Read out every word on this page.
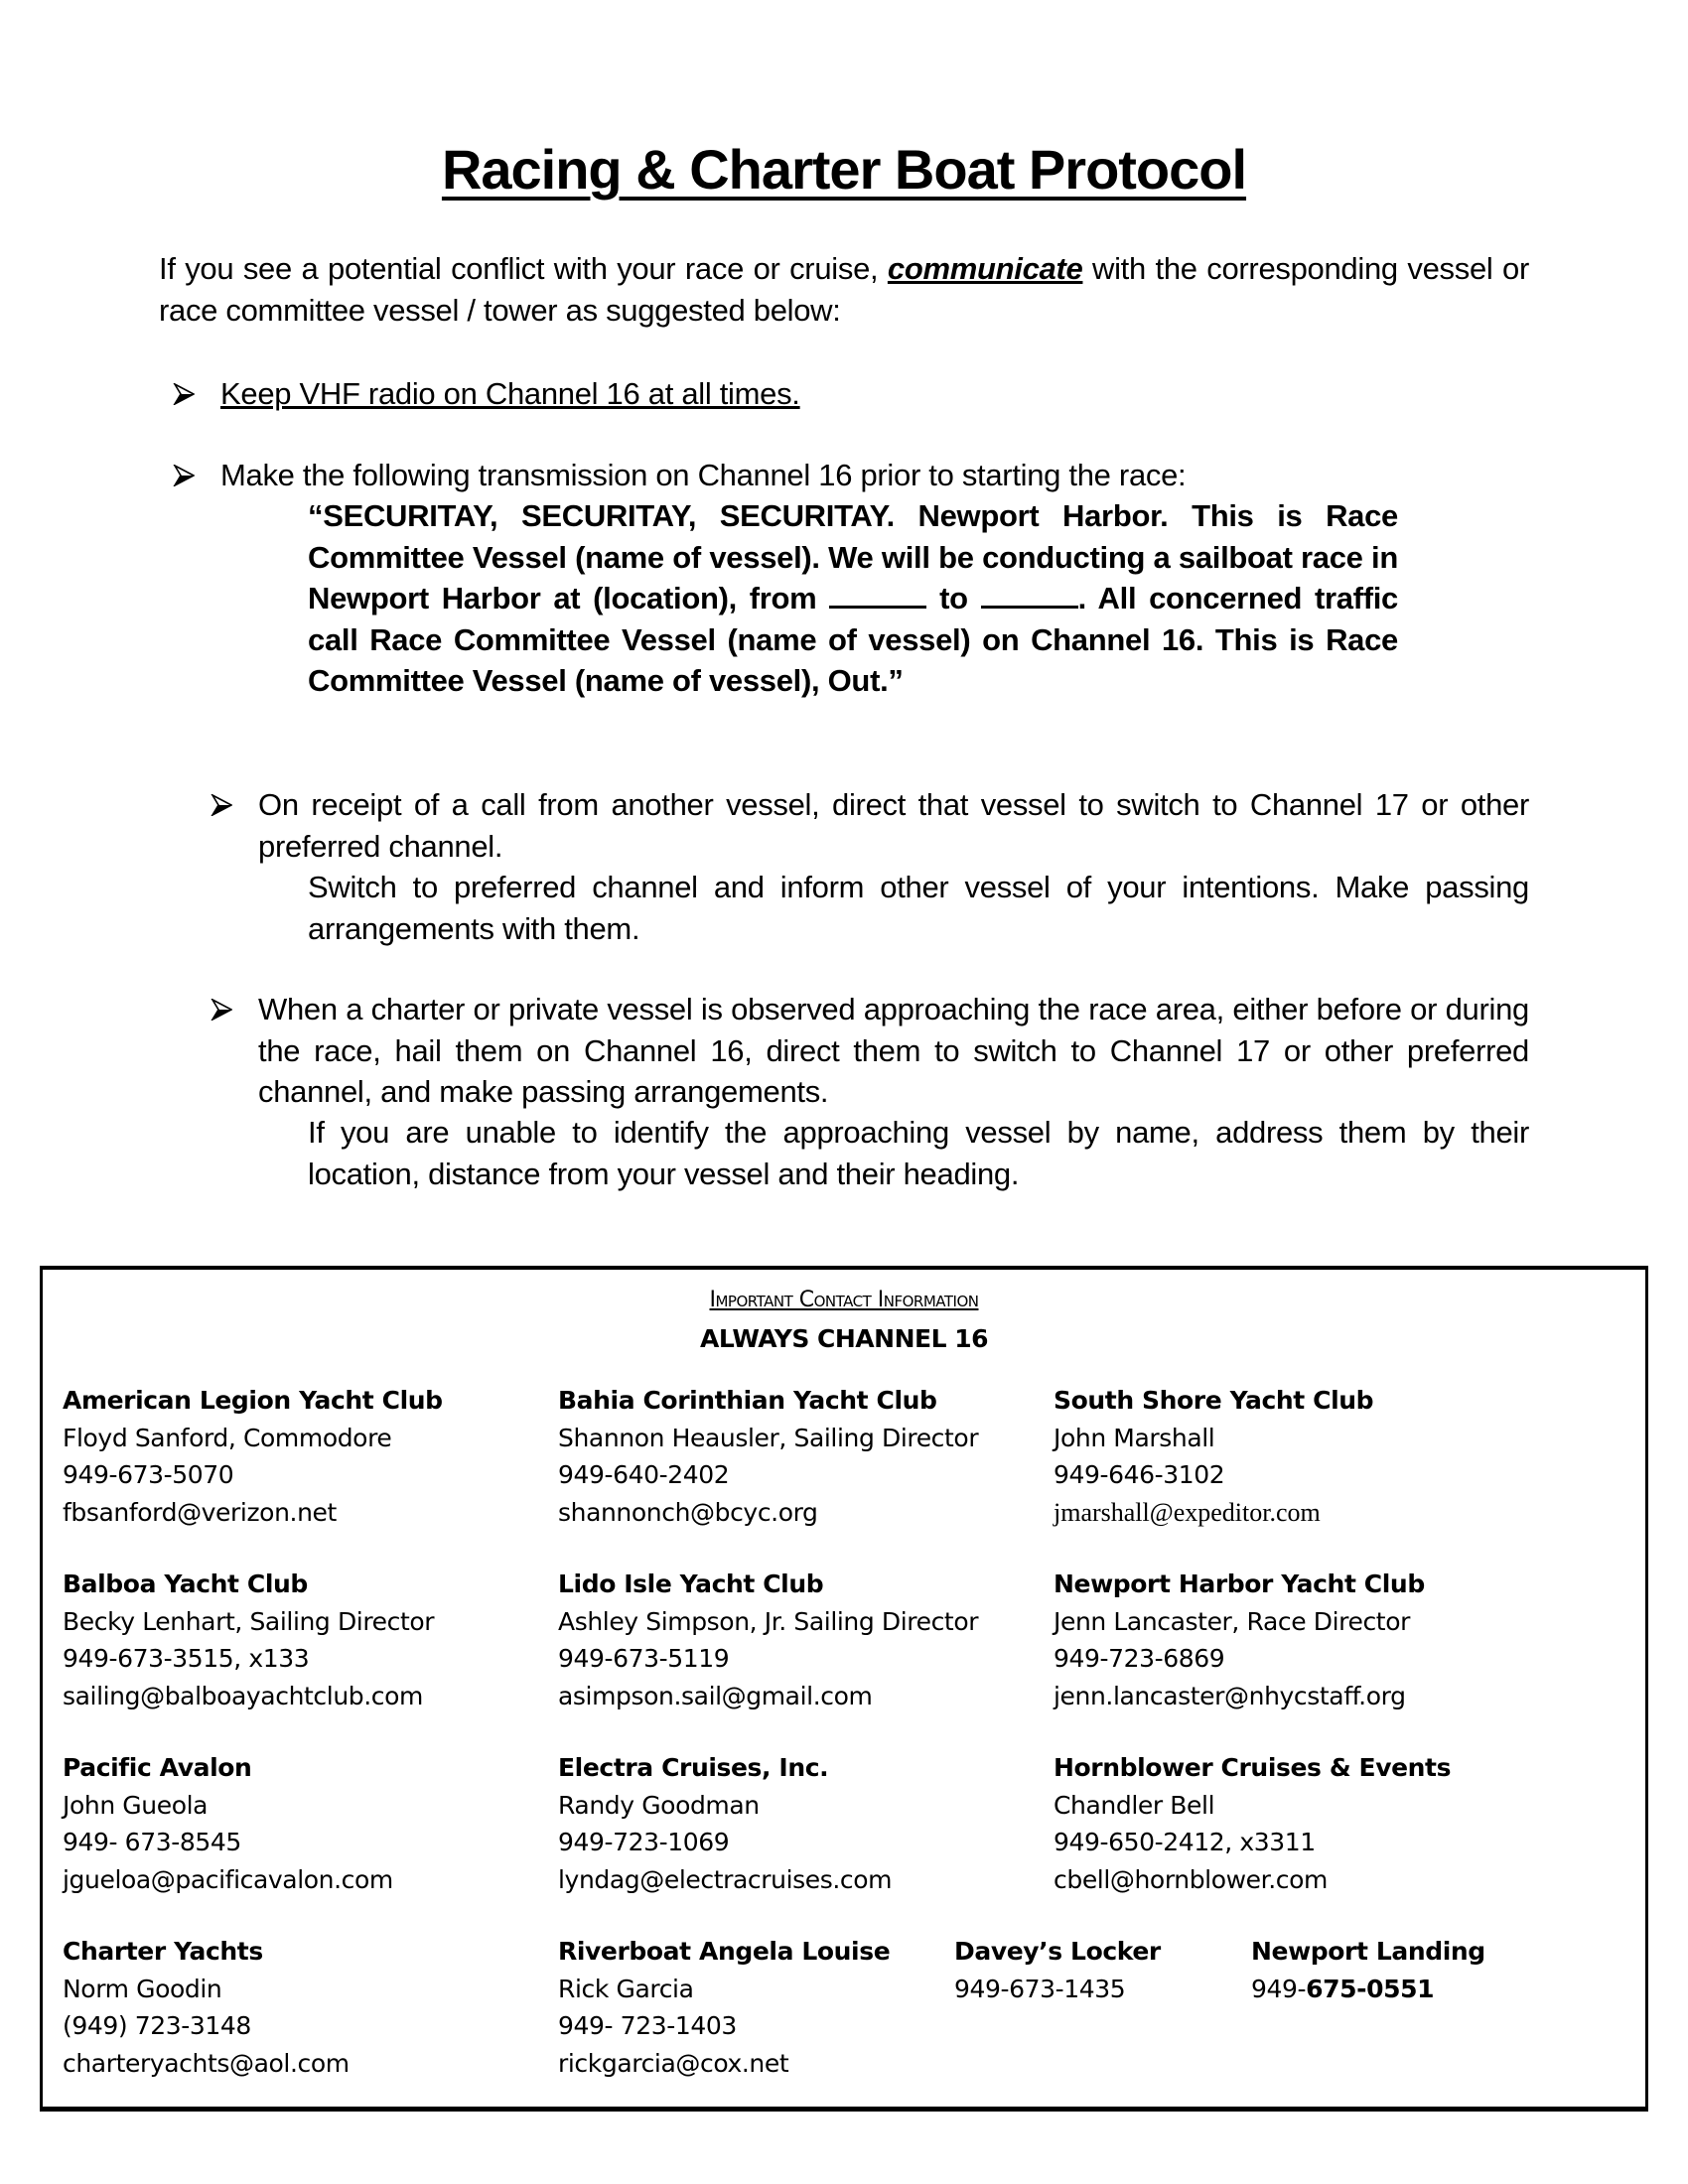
Racing & Charter Boat Protocol

If you see a potential conflict with your race or cruise, communicate with the corresponding vessel or race committee vessel / tower as suggested below:

Keep VHF radio on Channel 16 at all times.
Make the following transmission on Channel 16 prior to starting the race:

“SECURITAY, SECURITAY, SECURITAY. Newport Harbor. This is Race Committee Vessel (name of vessel). We will be conducting a sailboat race in Newport Harbor at (location), from	to	. All concerned traffic call Race Committee Vessel (name of vessel) on Channel 16. This is Race Committee Vessel (name of vessel), Out.”

On receipt of a call from another vessel, direct that vessel to switch to Channel 17 or other preferred channel.
Switch to preferred channel and inform other vessel of your intentions. Make passing arrangements with them.
When a charter or private vessel is observed approaching the race area, either before or during the race, hail them on Channel 16, direct them to switch to Channel 17 or other preferred channel, and make passing arrangements.
If you are unable to identify the approaching vessel by name, address them by their location, distance from your vessel and their heading.
Important Contact Information
ALWAYS CHANNEL 16
American Legion Yacht Club
Floyd Sanford, Commodore
949-673-5070
fbsanford@verizon.net
Bahia Corinthian Yacht Club
Shannon Heausler, Sailing Director
949-640-2402
shannonch@bcyc.org
South Shore Yacht Club
John Marshall
949-646-3102
jmarshall@expeditor.com
Balboa Yacht Club
Becky Lenhart, Sailing Director
949-673-3515, x133
sailing@balboayachtclub.com
Lido Isle Yacht Club
Ashley Simpson, Jr. Sailing Director
949-673-5119
asimpson.sail@gmail.com
Newport Harbor Yacht Club
Jenn Lancaster, Race Director
949-723-6869
jenn.lancaster@nhycstaff.org
Pacific Avalon
John Gueola
949- 673-8545
jgueloa@pacificavalon.com
Electra Cruises, Inc.
Randy Goodman
949-723-1069
lyndag@electracruises.com
Hornblower Cruises & Events
Chandler Bell
949-650-2412, x3311
cbell@hornblower.com
Charter Yachts
Norm Goodin
(949) 723-3148
charteryachts@aol.com
Riverboat Angela Louise
Rick Garcia
949- 723-1403
rickgarcia@cox.net
Davey’s Locker
949-673-1435
Newport Landing
949-675-0551
